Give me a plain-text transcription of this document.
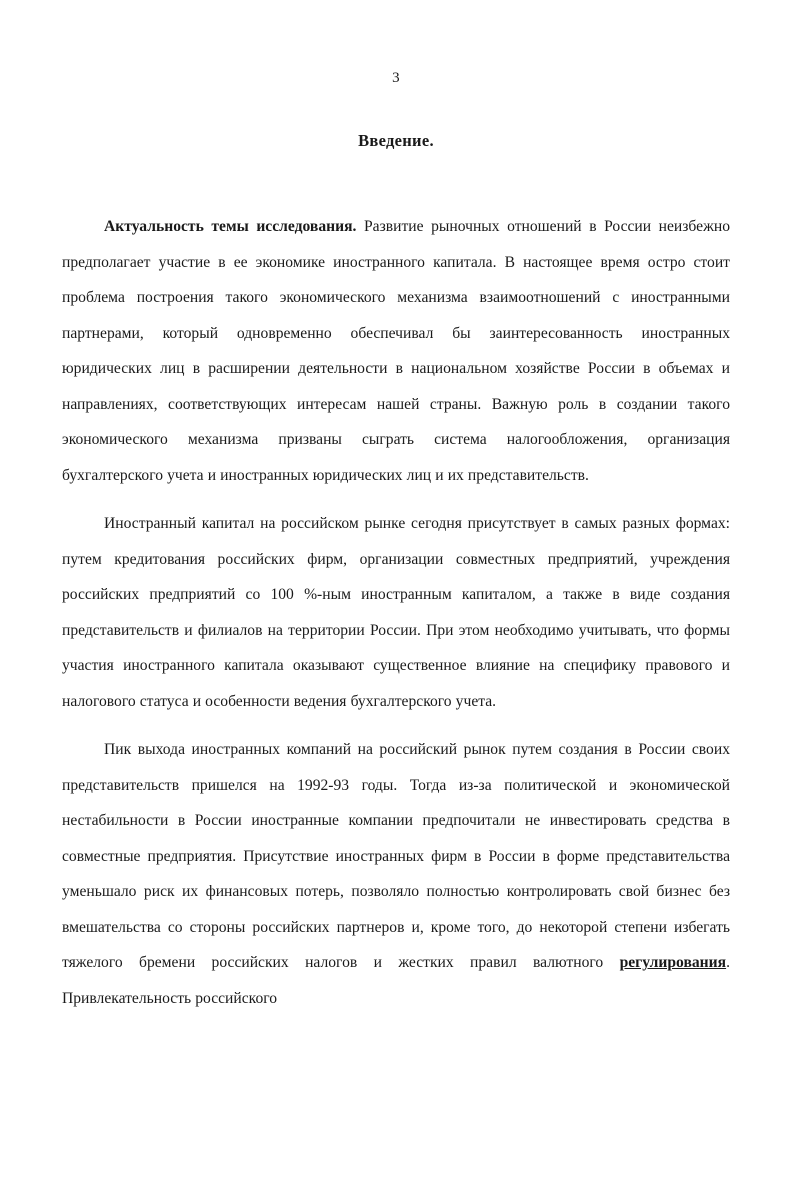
3
Введение.

Актуальность темы исследования. Развитие рыночных отношений в России неизбежно предполагает участие в ее экономике иностранного капитала. В настоящее время остро стоит проблема построения такого экономического механизма взаимоотношений с иностранными партнерами, который одновременно обеспечивал бы заинтересованность иностранных юридических лиц в расширении деятельности в национальном хозяйстве России в объемах и направлениях, соответствующих интересам нашей страны. Важную роль в создании такого экономического механизма призваны сыграть система налогообложения, организация бухгалтерского учета и иностранных юридических лиц и их представительств.

Иностранный капитал на российском рынке сегодня присутствует в самых разных формах: путем кредитования российских фирм, организации совместных предприятий, учреждения российских предприятий со 100 %-ным иностранным капиталом, а также в виде создания представительств и филиалов на территории России. При этом необходимо учитывать, что формы участия иностранного капитала оказывают существенное влияние на специфику правового и налогового статуса и особенности ведения бухгалтерского учета.

Пик выхода иностранных компаний на российский рынок путем создания в России своих представительств пришелся на 1992-93 годы. Тогда из-за политической и экономической нестабильности в России иностранные компании предпочитали не инвестировать средства в совместные предприятия. Присутствие иностранных фирм в России в форме представительства уменьшало риск их финансовых потерь, позволяло полностью контролировать свой бизнес без вмешательства со стороны российских партнеров и, кроме того, до некоторой степени избегать тяжелого бремени российских налогов и жестких правил валютного регулирования. Привлекательность российского
